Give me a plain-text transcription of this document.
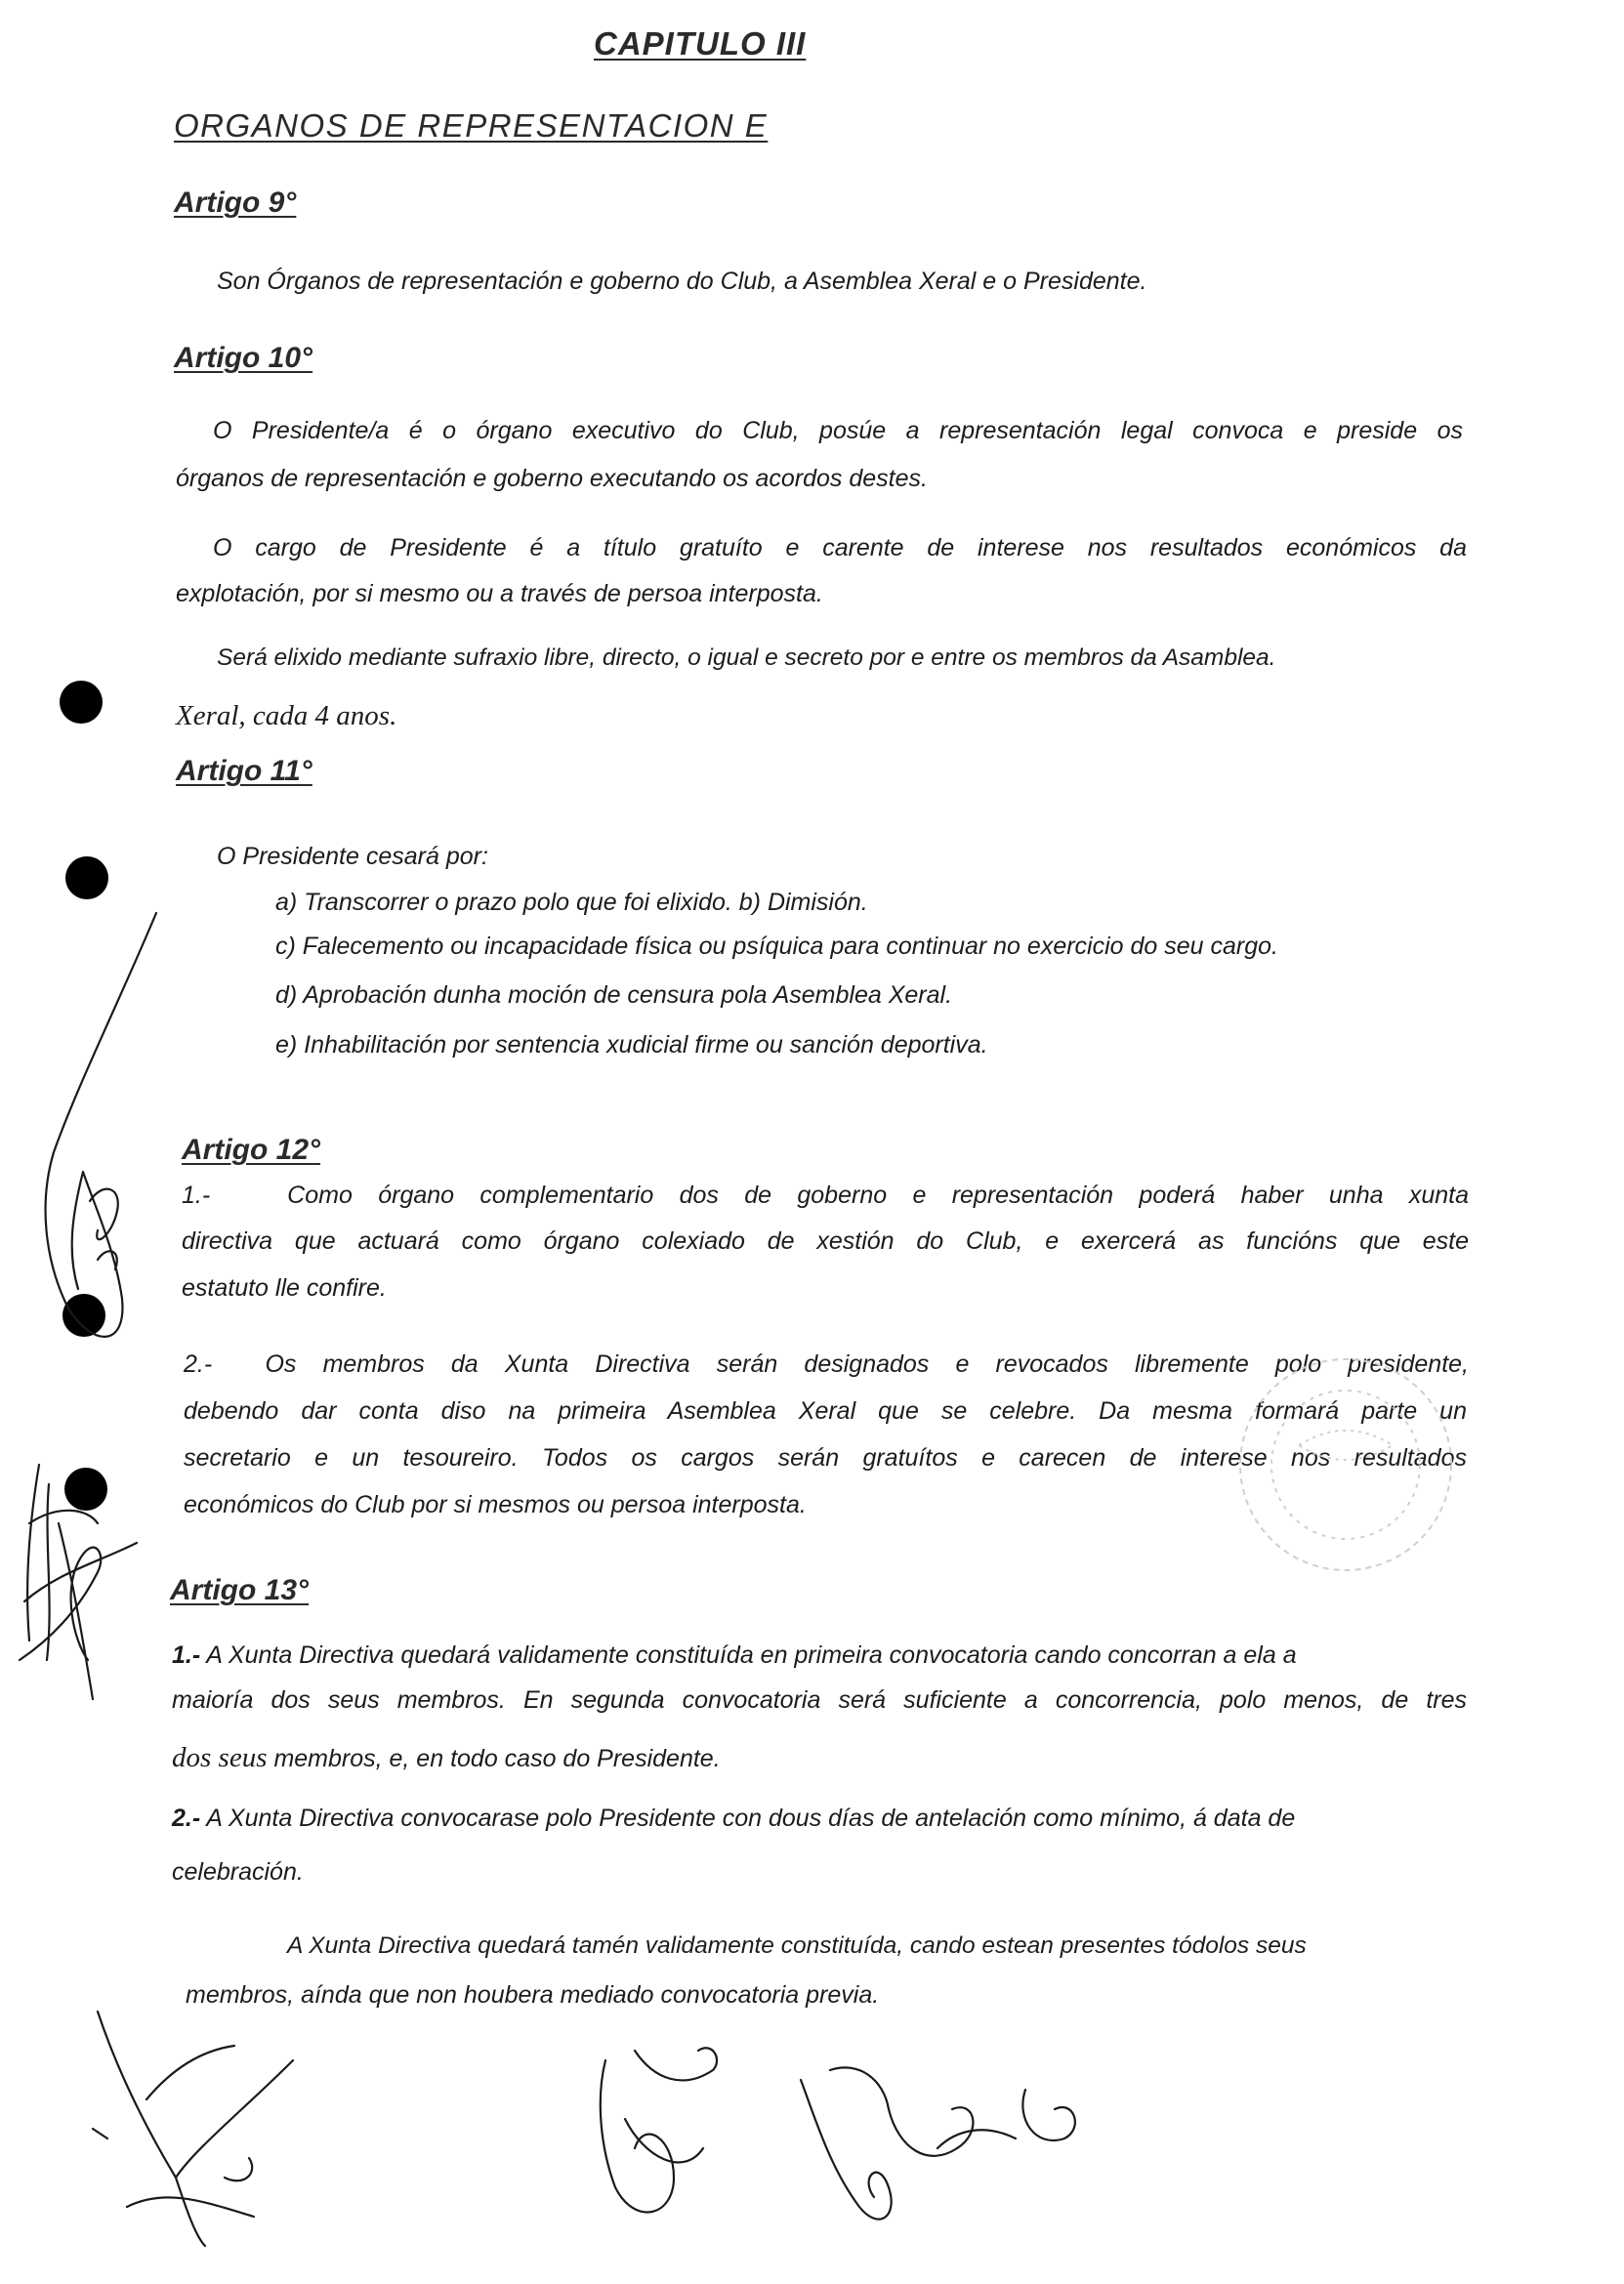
CAPITULO III

ORGANOS DE REPRESENTACION E

Artigo 9°

Son Órganos de representación e goberno do Club, a Asemblea Xeral e o Presidente.

Artigo 10°

O Presidente/a é o órgano executivo do Club, posúe a representación legal convoca e preside os

órganos de representación e goberno executando os acordos destes.

O cargo de Presidente é a título gratuíto e carente de interese nos resultados económicos da

explotación, por si mesmo ou a través de persoa interposta.

Será elixido mediante sufraxio libre, directo, o igual e secreto por e entre os membros da Asamblea.

Xeral, cada 4 anos.

Artigo 11°

O Presidente cesará por:

a) Transcorrer o prazo polo que foi elixido. b) Dimisión.

c) Falecemento ou incapacidade física ou psíquica para continuar no exercicio do seu cargo.

d) Aprobación dunha moción de censura pola Asemblea Xeral.

e) Inhabilitación por sentencia xudicial firme ou sanción deportiva.

Artigo 12°

1.-   Como órgano complementario dos de goberno e representación poderá haber unha xunta

directiva que actuará como órgano colexiado de xestión do Club, e exercerá as funcións que este

estatuto lle confire.

2.-  Os membros da Xunta Directiva serán designados e revocados libremente polo presidente,

debendo dar conta diso na primeira Asemblea Xeral que se celebre. Da mesma formará parte un

secretario e un tesoureiro. Todos os cargos serán gratuítos e carecen de interese nos resultados

económicos do Club por si mesmos ou persoa interposta.

Artigo 13°

1.- A Xunta Directiva quedará validamente constituída en primeira convocatoria cando concorran a ela a

maioría dos seus membros. En segunda convocatoria será suficiente a concorrencia, polo menos, de tres

dos seus membros, e, en todo caso do Presidente.

2.- A Xunta Directiva convocarase polo Presidente con dous días de antelación como mínimo, á data de

celebración.

A Xunta Directiva quedará tamén validamente constituída, cando estean presentes tódolos seus

membros, aínda que non houbera mediado convocatoria previa.
